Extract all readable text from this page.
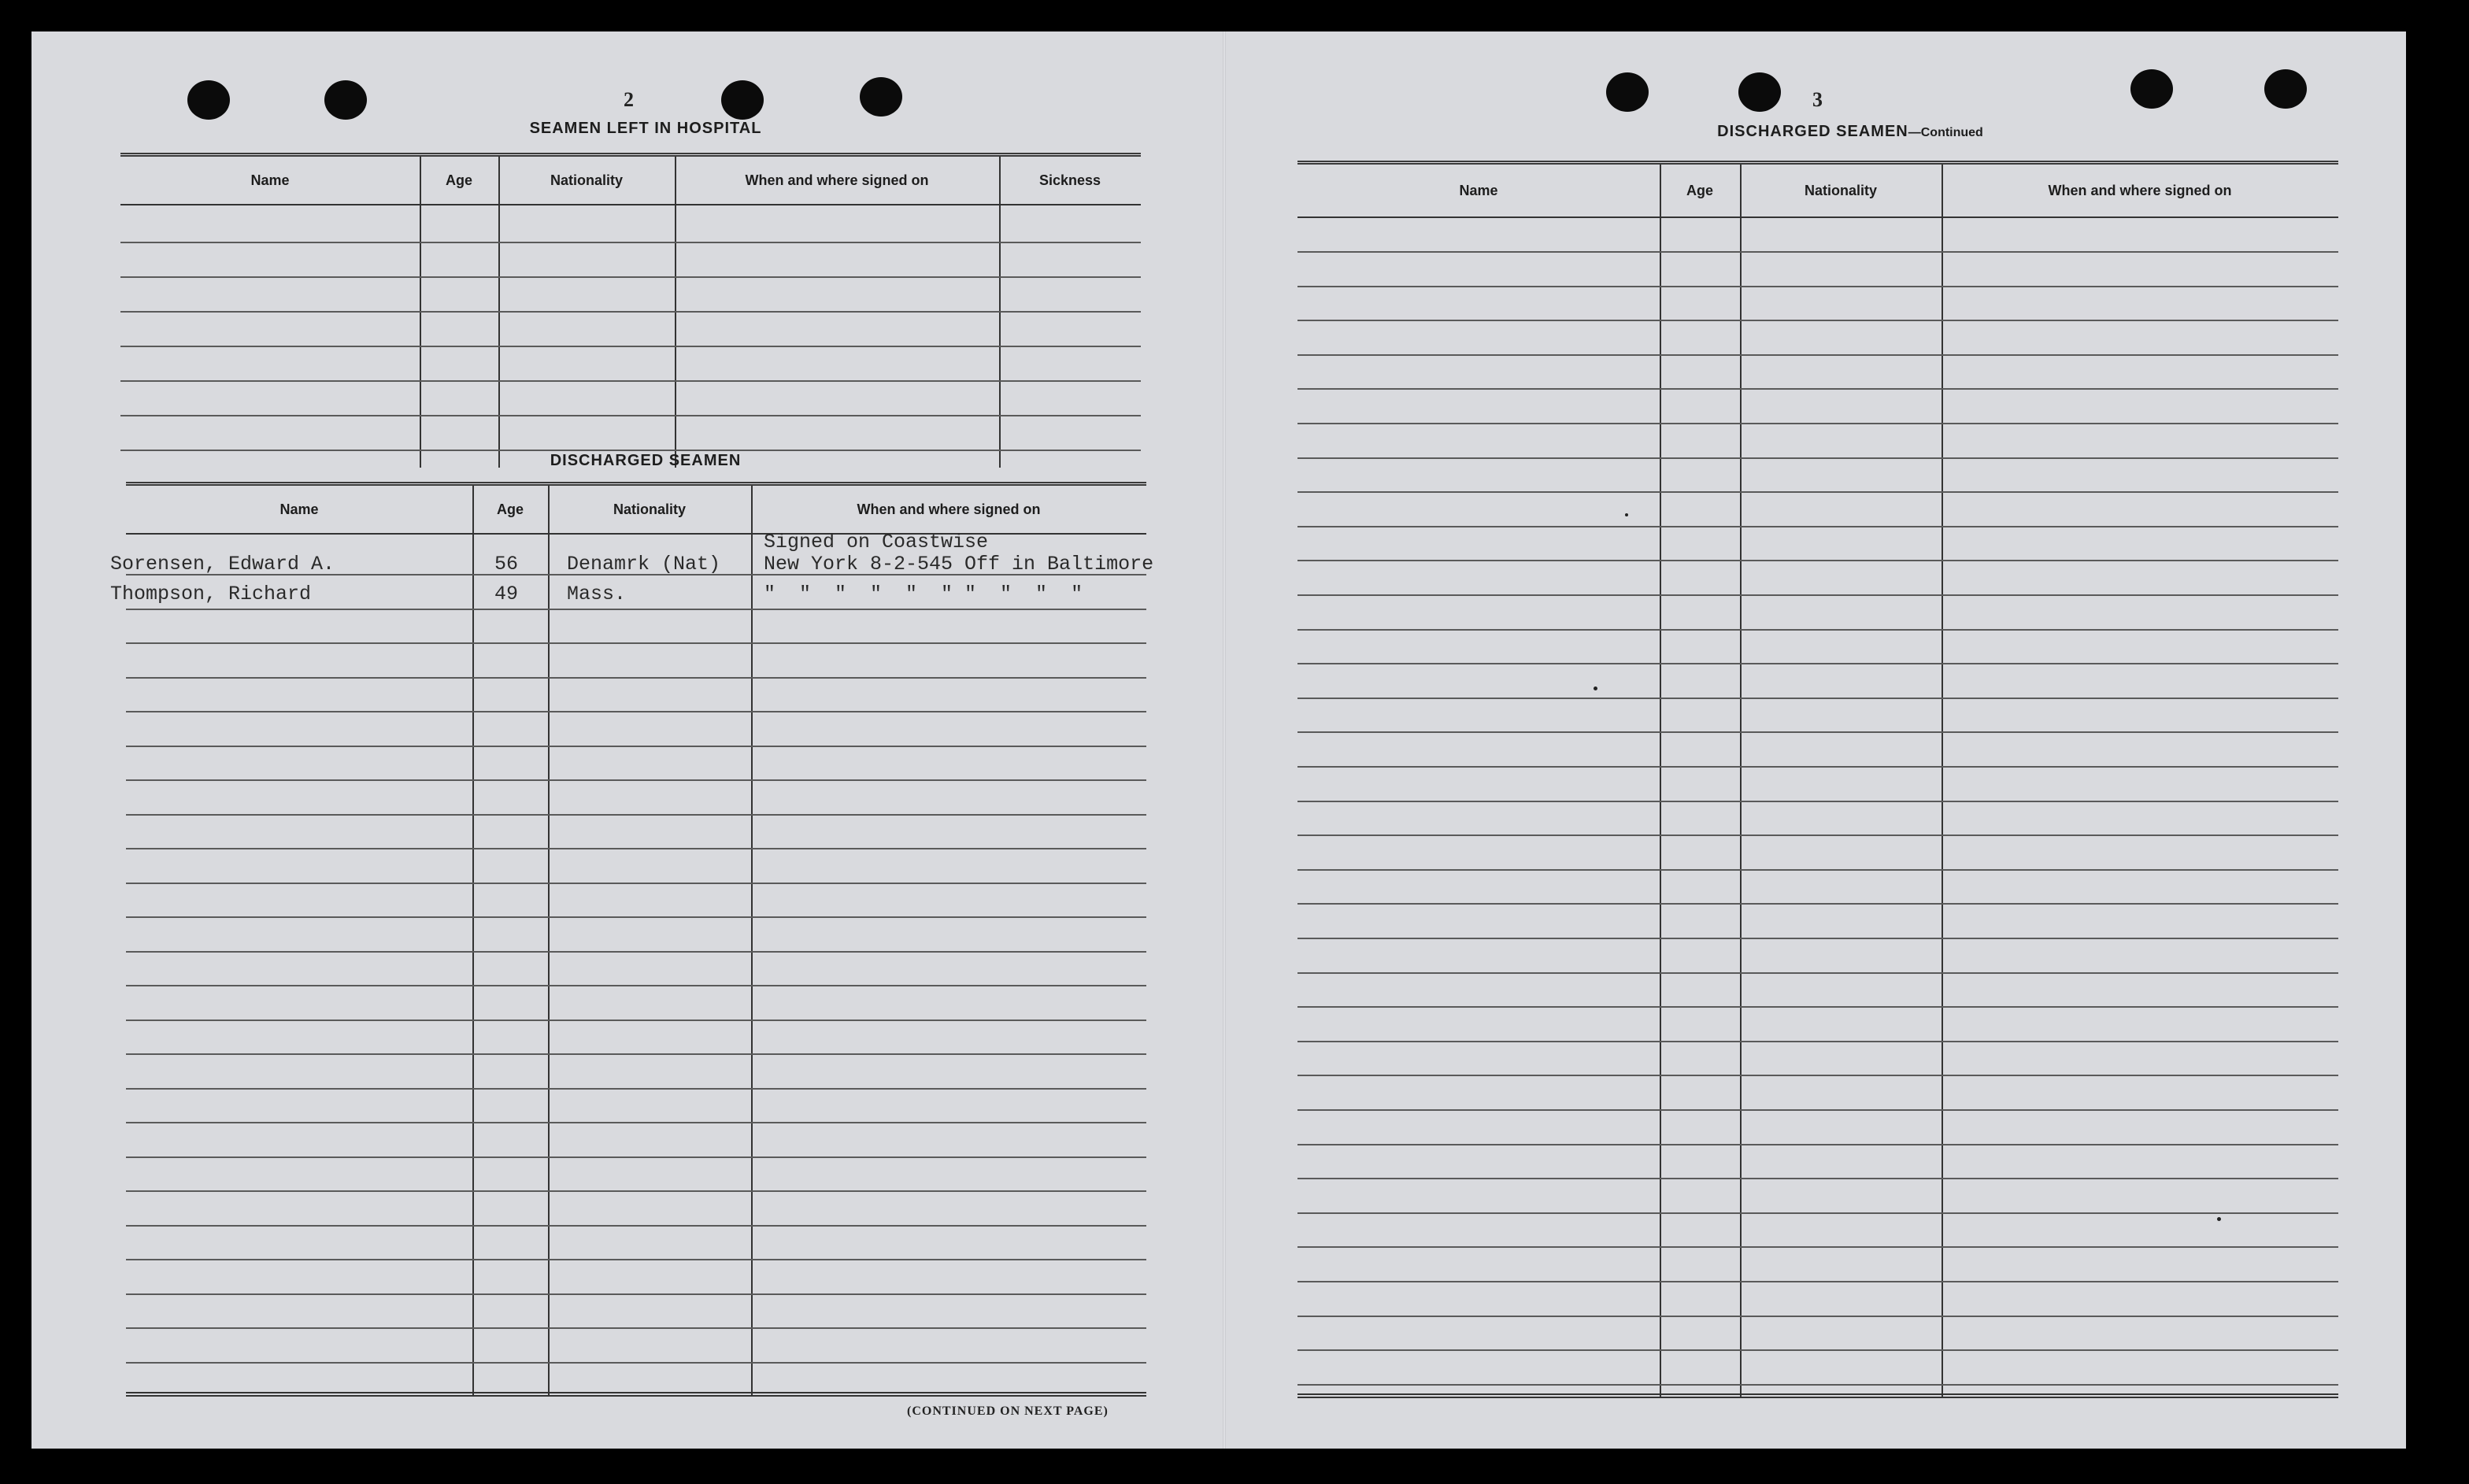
2
SEAMEN LEFT IN HOSPITAL
Name	Age	Nationality	When and where signed on	Sickness
DISCHARGED SEAMEN
Name	Age	Nationality	When and where signed on
Sorensen, Edward A.	56 Denamrk (Nat)
Signed on Coastwise
New York 8-2-545 Off in Baltimore
Thompson, Richard	49 Mass.	"  "  "  "  "  " "  "  "  "
(CONTINUED ON NEXT PAGE)
3
DISCHARGED SEAMEN—Continued
Name	Age	Nationality	When and where signed on
